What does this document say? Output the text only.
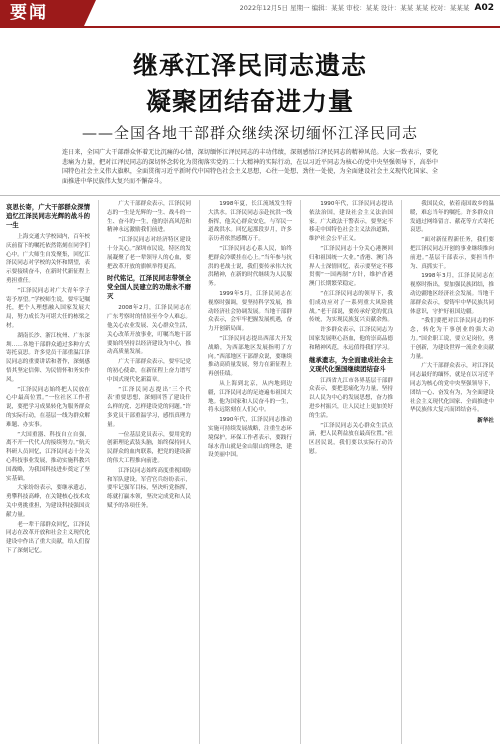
要闻	2022年12月5日 星期一 编辑：某某 审校：某某 设计：某某 某某 校对：某某某 A02
继承江泽民同志遗志
凝聚团结奋进力量
——全国各地干部群众继续深切缅怀江泽民同志
连日来，全国广大干部群众怀着无比沉痛的心情，深切缅怀江泽民同志的丰功伟绩，深刻感悟江泽民同志的精神风范。大家一致表示，要化悲痛为力量，把对江泽民同志的深切怀念转化为贯彻落实党的二十大精神的实际行动，在以习近平同志为核心的党中央坚强领导下，高举中国特色社会主义伟大旗帜，全面贯彻习近平新时代中国特色社会主义思想，心往一处想、劲往一处使，为全面建设社会主义现代化国家、全面推进中华民族伟大复兴而不懈奋斗。

哀思长寄，广大干部群众深情追忆江泽民同志光辉的战斗的一生

上海交通大学校园内，百年校庆前留下的嘱托依然铭刻在同学们心中。广大师生自发聚集，回忆江泽民同志对学校的关怀和期望，表示要接续奋斗，在新时代新征程上勇担重任。

“江泽民同志对广大青年学子寄予厚望。”学校师生说，要牢记嘱托，把个人理想融入国家发展大局，努力成长为可堪大任的栋梁之材。

湖南长沙、浙江杭州、广东深圳……各地干部群众通过多种方式寄托哀思。许多党员干部重温江泽民同志的重要讲话和著作，深刻感悟其坚定信仰、为民情怀和务实作风。

“江泽民同志始终把人民放在心中最高位置。”一位社区工作者说，要把学习成果转化为服务群众的实际行动，在基层一线为群众解难题、办实事。

“大国重器、科技自立自强，离不开一代代人的接续努力。”航天科研人员回忆，江泽民同志十分关心科技事业发展，推动实施科教兴国战略，为我国科技进步奠定了坚实基础。

大家纷纷表示，要继承遗志，勇攀科技高峰，在关键核心技术攻关中勇挑重担，为建设科技强国贡献力量。

老一辈干部群众回忆，江泽民同志在改革开放和社会主义现代化建设中作出了重大贡献，给人们留下了深刻记忆。

广大干部群众表示，江泽民同志的一生是光辉的一生、战斗的一生、奋斗的一生，他的崇高风范和精神永远激励我们前进。

“江泽民同志对经济特区建设十分关心。”深圳市民说，特区的发展凝聚了老一辈领导人的心血，要把改革开放的旗帜举得更高。

时代铭记，江泽民同志带领全党全国人民建立的功勋永不磨灭

2008年2月，江泽民同志在广东考察时的情景至今令人难忘。他关心农业发展、关心群众生活，关心改革开放事业，叮嘱当地干部要始终坚持以经济建设为中心，推动高质量发展。

广大干部群众表示，要牢记党的初心使命，在新征程上奋力谱写中国式现代化新篇章。

“江泽民同志提出‘三个代表’重要思想，深刻回答了建设什么样的党、怎样建设党的问题。”许多党员干部重温学习，感悟真理力量。

一位基层党员表示，要用党的创新理论武装头脑，始终保持同人民群众的血肉联系，把党的建设新的伟大工程推向前进。

江泽民同志始终高度重视国防和军队建设。军营官兵纷纷表示，要牢记强军目标，坚决听党指挥，练就打赢本领，坚决完成党和人民赋予的各项任务。

1998年夏，长江流域发生特大洪水。江泽民同志亲赴抗洪一线指挥，他关心群众安危，与军民一道战洪水。回忆起那段岁月，许多亲历者依然感慨万千。

“江泽民同志心系人民，始终把群众冷暖挂在心上。”当年参与抗洪的老战士说，我们要传承伟大抗洪精神，在新的时代继续为人民服务。

1999年5月，江泽民同志在视察时强调，要坚持科学发展，推动经济社会协调发展。当地干部群众表示，会牢牢把握发展机遇，奋力开创新局面。

“江泽民同志提出西部大开发战略，为西部地区发展指明了方向。”西部地区干部群众说，要继续推动高质量发展，努力在新征程上再创佳绩。

从上海到北京，从内地到边疆，江泽民同志的足迹遍布祖国大地。他为国家和人民奋斗的一生，将永远铭刻在人们心中。

1990年代，江泽民同志推动实施可持续发展战略，注重生态环境保护。环保工作者表示，要践行绿水青山就是金山银山的理念，建设美丽中国。

1990年代，江泽民同志提出依法治国，建设社会主义法治国家。广大政法干警表示，要坚定不移走中国特色社会主义法治道路，维护社会公平正义。

“江泽民同志十分关心港澳回归和祖国统一大业。”香港、澳门各界人士深情回忆，表示要坚定不移贯彻“一国两制”方针，维护香港澳门长期繁荣稳定。

“在江泽民同志的领导下，我们成功应对了一系列重大风险挑战。”老干部说，要传承好党的优良传统，为实现民族复兴贡献余热。

许多群众表示，江泽民同志为国家发展呕心沥血，他的崇高品德和精神风范，永远值得我们学习。

继承遗志，为全面建成社会主义现代化强国继续团结奋斗

江西省九江市各界基层干部群众表示，要把悲痛化为力量，坚持以人民为中心的发展思想，奋力推进乡村振兴，让人民过上更加美好的生活。

“江泽民同志关心群众生活点滴，把人民利益放在最高位置。”社区居民说，我们要以实际行动告慰。

我国民众，依着南国故乡的温暖，难忘当年的嘱托。许多群众自发通过网络留言、献花等方式寄托哀思。

“面对新征程新任务，我们要把江泽民同志开创的事业继续推向前进。”基层干部表示，要担当作为、真抓实干。

1998年3月，江泽民同志在视察时指出，要加强民族团结，推动边疆地区经济社会发展。当地干部群众表示，要铸牢中华民族共同体意识，守护好祖国边疆。

“我们要把对江泽民同志的怀念，转化为干事创业的强大动力。”国企职工说，要立足岗位，勇于创新，为建设世界一流企业贡献力量。

广大干部群众表示，对江泽民同志最好的缅怀，就是在以习近平同志为核心的党中央坚强领导下，团结一心、奋发有为，为全面建设社会主义现代化国家、全面推进中华民族伟大复兴而团结奋斗。

新华社
